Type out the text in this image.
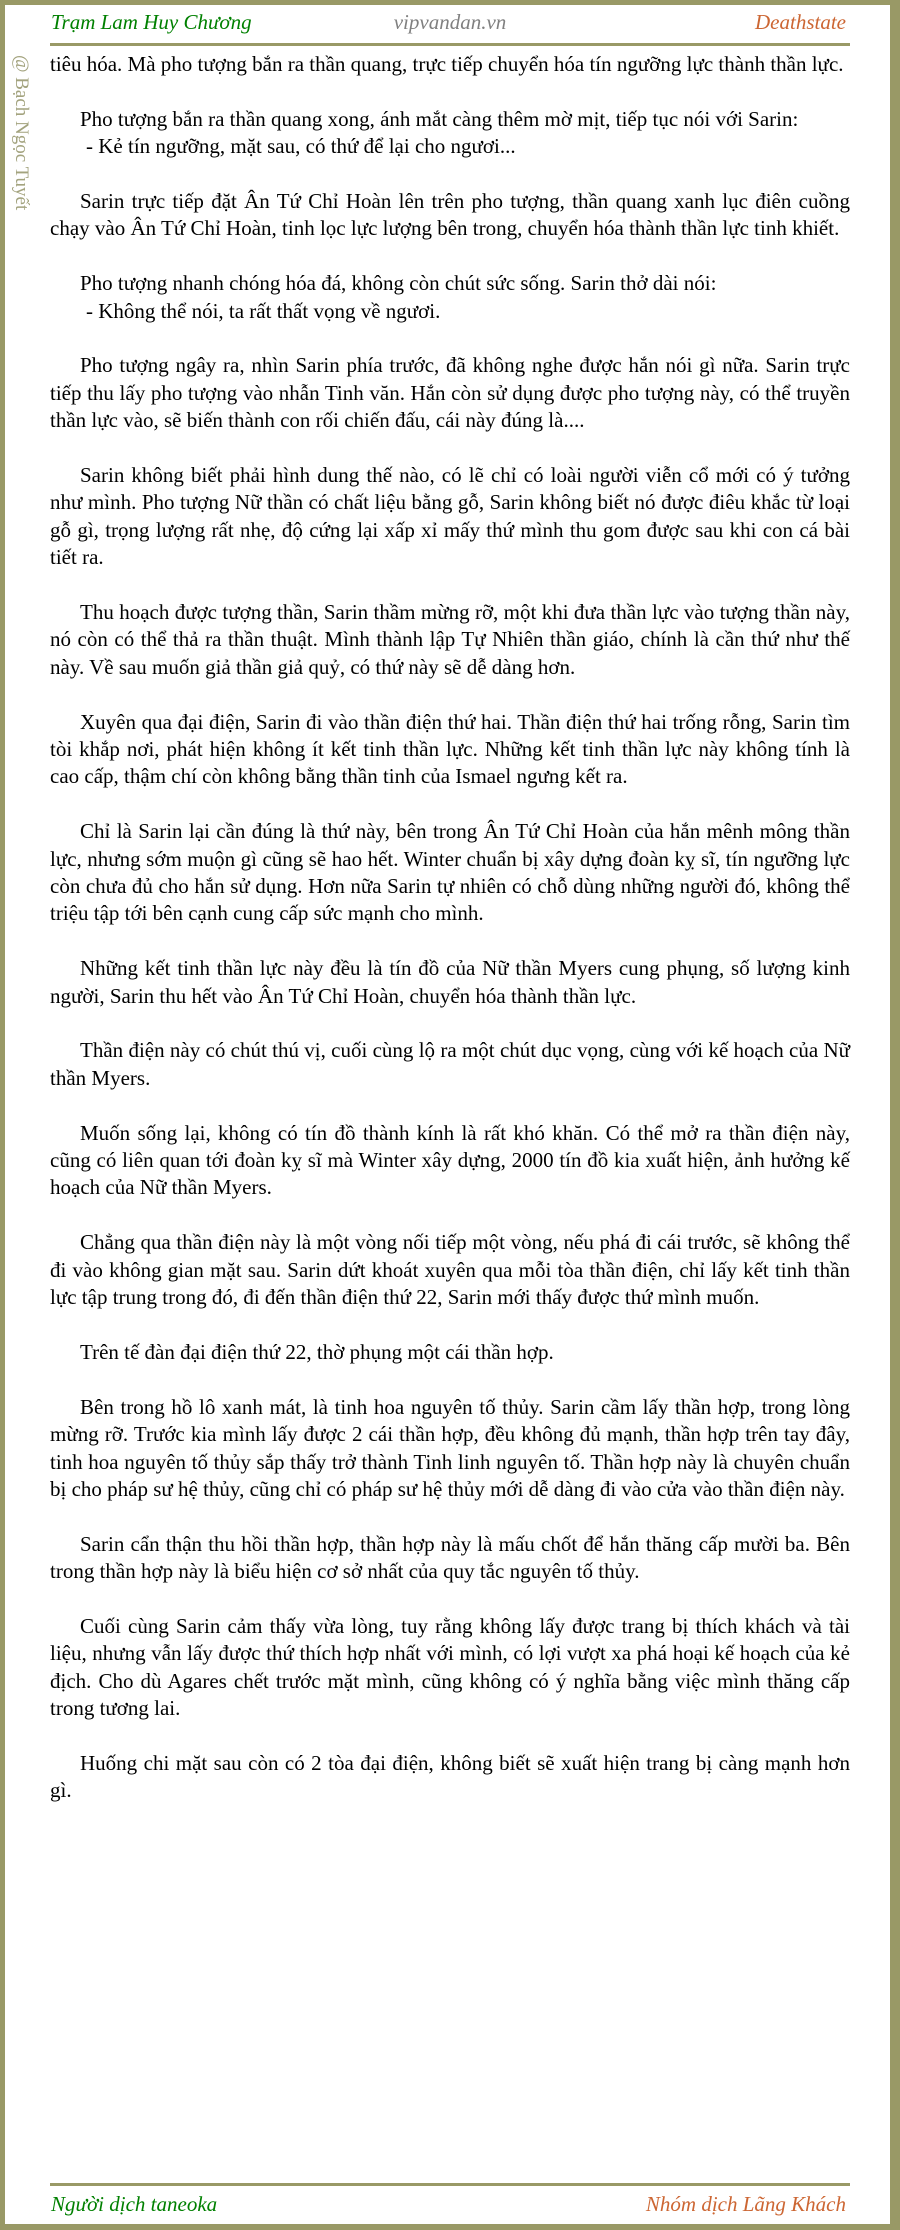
Trạm Lam Huy Chương	vipvandan.vn	Deathstate
@ Bạch Ngọc Tuyết tiêu hóa. Mà pho tượng bắn ra thần quang, trực tiếp chuyển hóa tín ngưỡng lực thành thần lực.

Pho tượng bắn ra thần quang xong, ánh mắt càng thêm mờ mịt, tiếp tục nói với Sarin:
- Kẻ tín ngưỡng, mặt sau, có thứ để lại cho ngươi...

Sarin trực tiếp đặt Ân Tứ Chỉ Hoàn lên trên pho tượng, thần quang xanh lục điên cuồng chạy vào Ân Tứ Chỉ Hoàn, tinh lọc lực lượng bên trong, chuyển hóa thành thần lực tinh khiết.

Pho tượng nhanh chóng hóa đá, không còn chút sức sống. Sarin thở dài nói:
- Không thể nói, ta rất thất vọng về ngươi.

Pho tượng ngây ra, nhìn Sarin phía trước, đã không nghe được hắn nói gì nữa. Sarin trực tiếp thu lấy pho tượng vào nhẫn Tinh văn. Hắn còn sử dụng được pho tượng này, có thể truyền thần lực vào, sẽ biến thành con rối chiến đấu, cái này đúng là....

Sarin không biết phải hình dung thế nào, có lẽ chỉ có loài người viễn cổ mới có ý tưởng như mình. Pho tượng Nữ thần có chất liệu bằng gỗ, Sarin không biết nó được điêu khắc từ loại gỗ gì, trọng lượng rất nhẹ, độ cứng lại xấp xỉ mấy thứ mình thu gom được sau khi con cá bài tiết ra.

Thu hoạch được tượng thần, Sarin thầm mừng rỡ, một khi đưa thần lực vào tượng thần này, nó còn có thể thả ra thần thuật. Mình thành lập Tự Nhiên thần giáo, chính là cần thứ như thế này. Về sau muốn giả thần giả quỷ, có thứ này sẽ dễ dàng hơn.

Xuyên qua đại điện, Sarin đi vào thần điện thứ hai. Thần điện thứ hai trống rỗng, Sarin tìm tòi khắp nơi, phát hiện không ít kết tinh thần lực. Những kết tinh thần lực này không tính là cao cấp, thậm chí còn không bằng thần tinh của Ismael ngưng kết ra.

Chỉ là Sarin lại cần đúng là thứ này, bên trong Ân Tứ Chỉ Hoàn của hắn mênh mông thần lực, nhưng sớm muộn gì cũng sẽ hao hết. Winter chuẩn bị xây dựng đoàn kỵ sĩ, tín ngưỡng lực còn chưa đủ cho hắn sử dụng. Hơn nữa Sarin tự nhiên có chỗ dùng những người đó, không thể triệu tập tới bên cạnh cung cấp sức mạnh cho mình.

Những kết tinh thần lực này đều là tín đồ của Nữ thần Myers cung phụng, số lượng kinh người, Sarin thu hết vào Ân Tứ Chỉ Hoàn, chuyển hóa thành thần lực.

Thần điện này có chút thú vị, cuối cùng lộ ra một chút dục vọng, cùng với kế hoạch của Nữ thần Myers.

Muốn sống lại, không có tín đồ thành kính là rất khó khăn. Có thể mở ra thần điện này, cũng có liên quan tới đoàn kỵ sĩ mà Winter xây dựng, 2000 tín đồ kia xuất hiện, ảnh hưởng kế hoạch của Nữ thần Myers.

Chẳng qua thần điện này là một vòng nối tiếp một vòng, nếu phá đi cái trước, sẽ không thể đi vào không gian mặt sau. Sarin dứt khoát xuyên qua mỗi tòa thần điện, chỉ lấy kết tinh thần lực tập trung trong đó, đi đến thần điện thứ 22, Sarin mới thấy được thứ mình muốn.

Trên tế đàn đại điện thứ 22, thờ phụng một cái thần hợp.

Bên trong hồ lô xanh mát, là tinh hoa nguyên tố thủy. Sarin cầm lấy thần hợp, trong lòng mừng rỡ. Trước kia mình lấy được 2 cái thần hợp, đều không đủ mạnh, thần hợp trên tay đây, tinh hoa nguyên tố thủy sắp thấy trở thành Tinh linh nguyên tố. Thần hợp này là chuyên chuẩn bị cho pháp sư hệ thủy, cũng chỉ có pháp sư hệ thủy mới dễ dàng đi vào cửa vào thần điện này.

Sarin cẩn thận thu hồi thần hợp, thần hợp này là mấu chốt để hắn thăng cấp mười ba. Bên trong thần hợp này là biểu hiện cơ sở nhất của quy tắc nguyên tố thủy.

Cuối cùng Sarin cảm thấy vừa lòng, tuy rằng không lấy được trang bị thích khách và tài liệu, nhưng vẫn lấy được thứ thích hợp nhất với mình, có lợi vượt xa phá hoại kế hoạch của kẻ địch. Cho dù Agares chết trước mặt mình, cũng không có ý nghĩa bằng việc mình thăng cấp trong tương lai.

Huống chi mặt sau còn có 2 tòa đại điện, không biết sẽ xuất hiện trang bị càng mạnh hơn gì.

Người dịch taneoka	Nhóm dịch Lãng Khách
